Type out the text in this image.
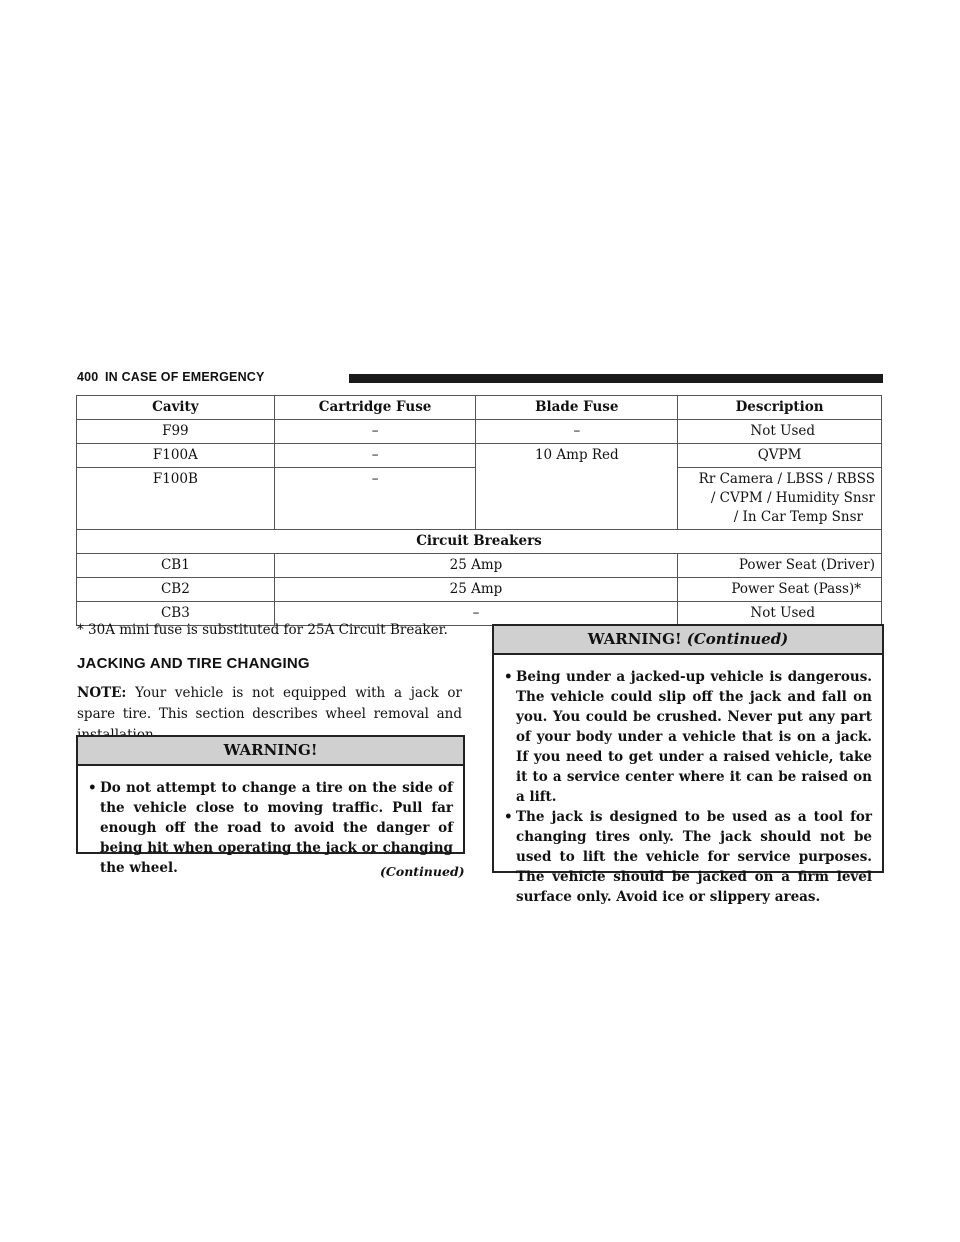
400 IN CASE OF EMERGENCY
Cavity	Cartridge Fuse	Blade Fuse	Description
F99	–	–	Not Used
F100A	–	10 Amp Red	QVPM
F100B	–		Rr Camera / LBSS / RBSS
/ CVPM / Humidity Snsr
/ In Car Temp Snsr

Circuit Breakers			
CB1	25 Amp		Power Seat (Driver)
CB2	25 Amp		Power Seat (Pass)*
CB3	–		Not Used
* 30A mini fuse is substituted for 25A Circuit Breaker.
JACKING AND TIRE CHANGING
NOTE: Your vehicle is not equipped with a jack or spare tire. This section describes wheel removal and
WARNING!
• Do not attempt to change a tire on the side of the vehicle close to moving traffic. Pull far enough off the road to avoid the danger of being hit when operating the jack or changing the wheel.	(Continued)
WARNING! (Continued)
• Being under a jacked-up vehicle is dangerous. The vehicle could slip off the jack and fall on you. You could be crushed. Never put any part of your body under a vehicle that is on a jack. If you need to get under a raised vehicle, take it to a service center where it can be raised on a lift.
• The jack is designed to be used as a tool for changing tires only. The jack should not be used to lift the vehicle for service purposes. The vehicle should be jacked on a firm level surface only. Avoid ice or slippery areas.
